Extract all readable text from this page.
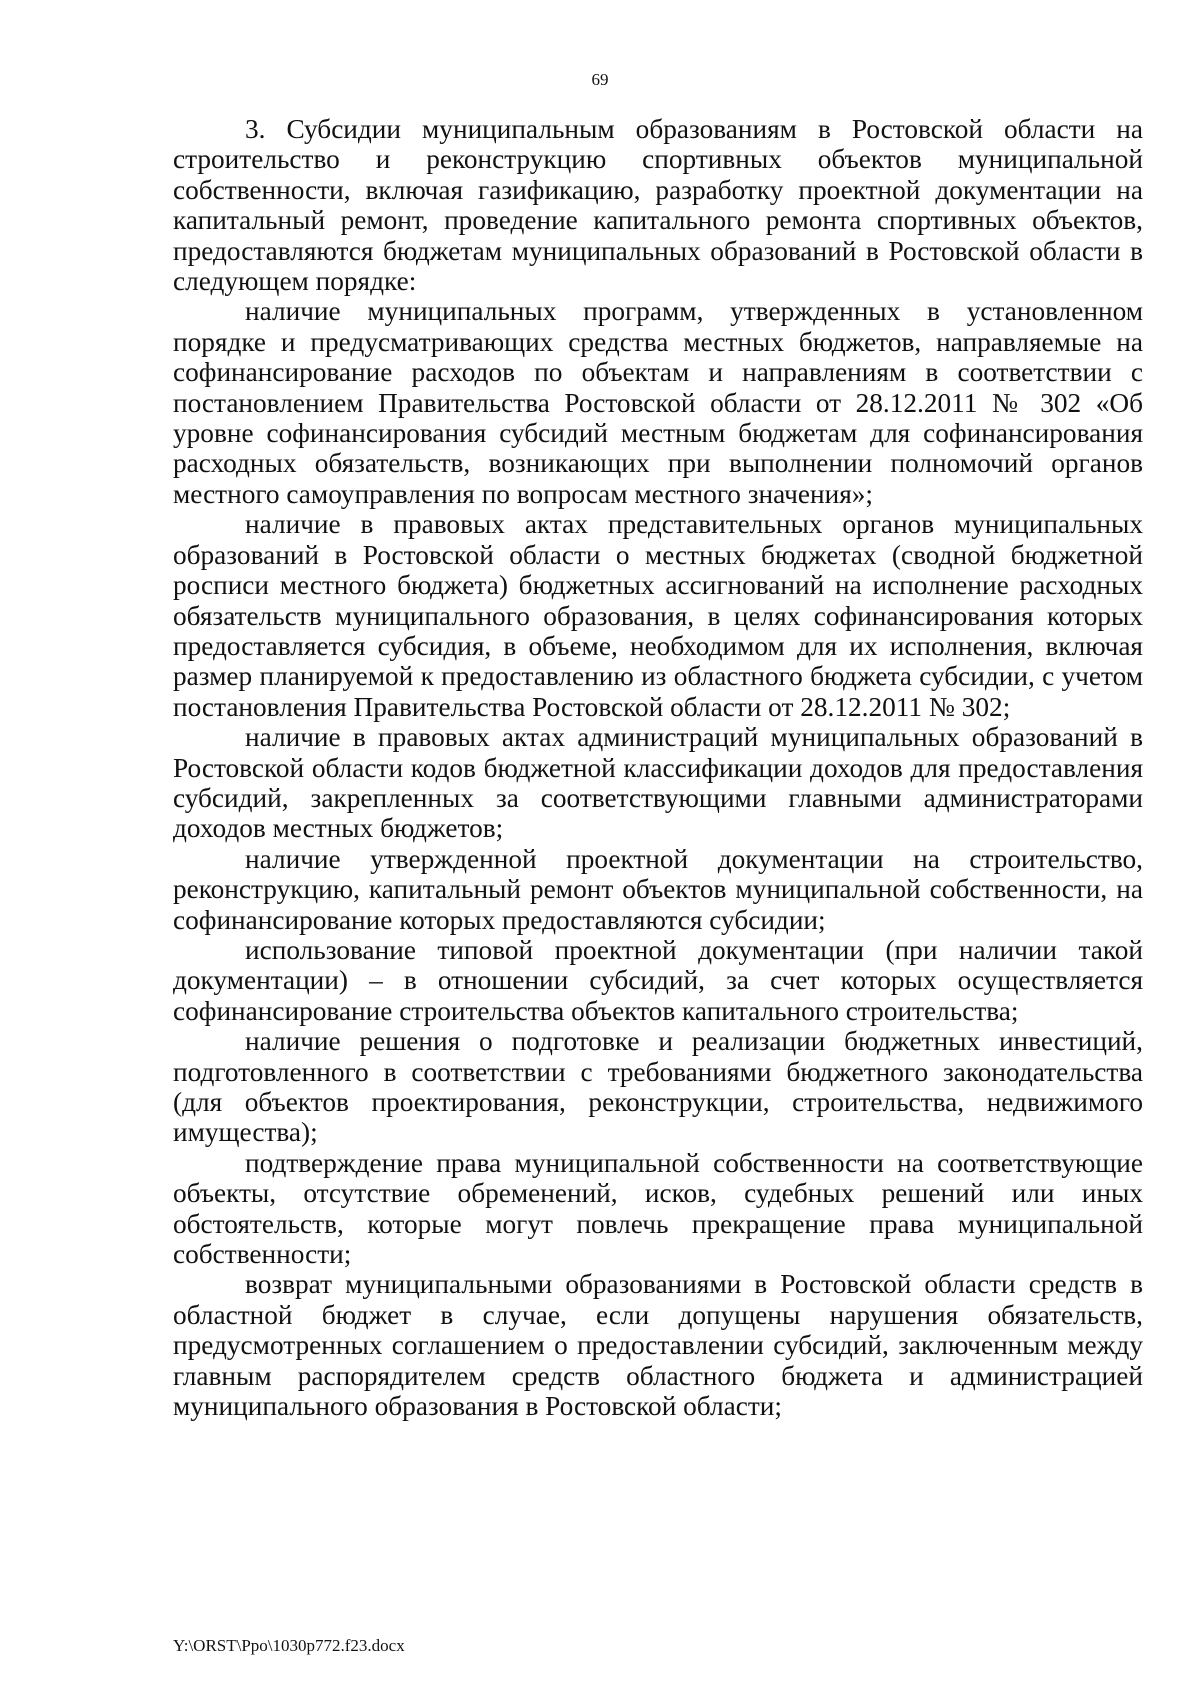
69

3. Субсидии муниципальным образованиям в Ростовской области на строительство и реконструкцию спортивных объектов муниципальной собственности, включая газификацию, разработку проектной документации на капитальный ремонт, проведение капитального ремонта спортивных объектов, предоставляются бюджетам муниципальных образований в Ростовской области в следующем порядке:

наличие муниципальных программ, утвержденных в установленном порядке и предусматривающих средства местных бюджетов, направляемые на софинансирование расходов по объектам и направлениям в соответствии с постановлением Правительства Ростовской области от 28.12.2011 № 302 «Об уровне софинансирования субсидий местным бюджетам для софинансирования расходных обязательств, возникающих при выполнении полномочий органов местного самоуправления по вопросам местного значения»;

наличие в правовых актах представительных органов муниципальных образований в Ростовской области о местных бюджетах (сводной бюджетной росписи местного бюджета) бюджетных ассигнований на исполнение расходных обязательств муниципального образования, в целях софинансирования которых предоставляется субсидия, в объеме, необходимом для их исполнения, включая размер планируемой к предоставлению из областного бюджета субсидии, с учетом постановления Правительства Ростовской области от 28.12.2011 № 302;

наличие в правовых актах администраций муниципальных образований в Ростовской области кодов бюджетной классификации доходов для предоставления субсидий, закрепленных за соответствующими главными администраторами доходов местных бюджетов;

наличие утвержденной проектной документации на строительство, реконструкцию, капитальный ремонт объектов муниципальной собственности, на софинансирование которых предоставляются субсидии;

использование типовой проектной документации (при наличии такой документации) – в отношении субсидий, за счет которых осуществляется софинансирование строительства объектов капитального строительства;

наличие решения о подготовке и реализации бюджетных инвестиций, подготовленного в соответствии с требованиями бюджетного законодательства (для объектов проектирования, реконструкции, строительства, недвижимого имущества);

подтверждение права муниципальной собственности на соответствующие объекты, отсутствие обременений, исков, судебных решений или иных обстоятельств, которые могут повлечь прекращение права муниципальной собственности;

возврат муниципальными образованиями в Ростовской области средств в областной бюджет в случае, если допущены нарушения обязательств, предусмотренных соглашением о предоставлении субсидий, заключенным между главным распорядителем средств областного бюджета и администрацией муниципального образования в Ростовской области;

Y:\ORST\Ppo\1030p772.f23.docx
